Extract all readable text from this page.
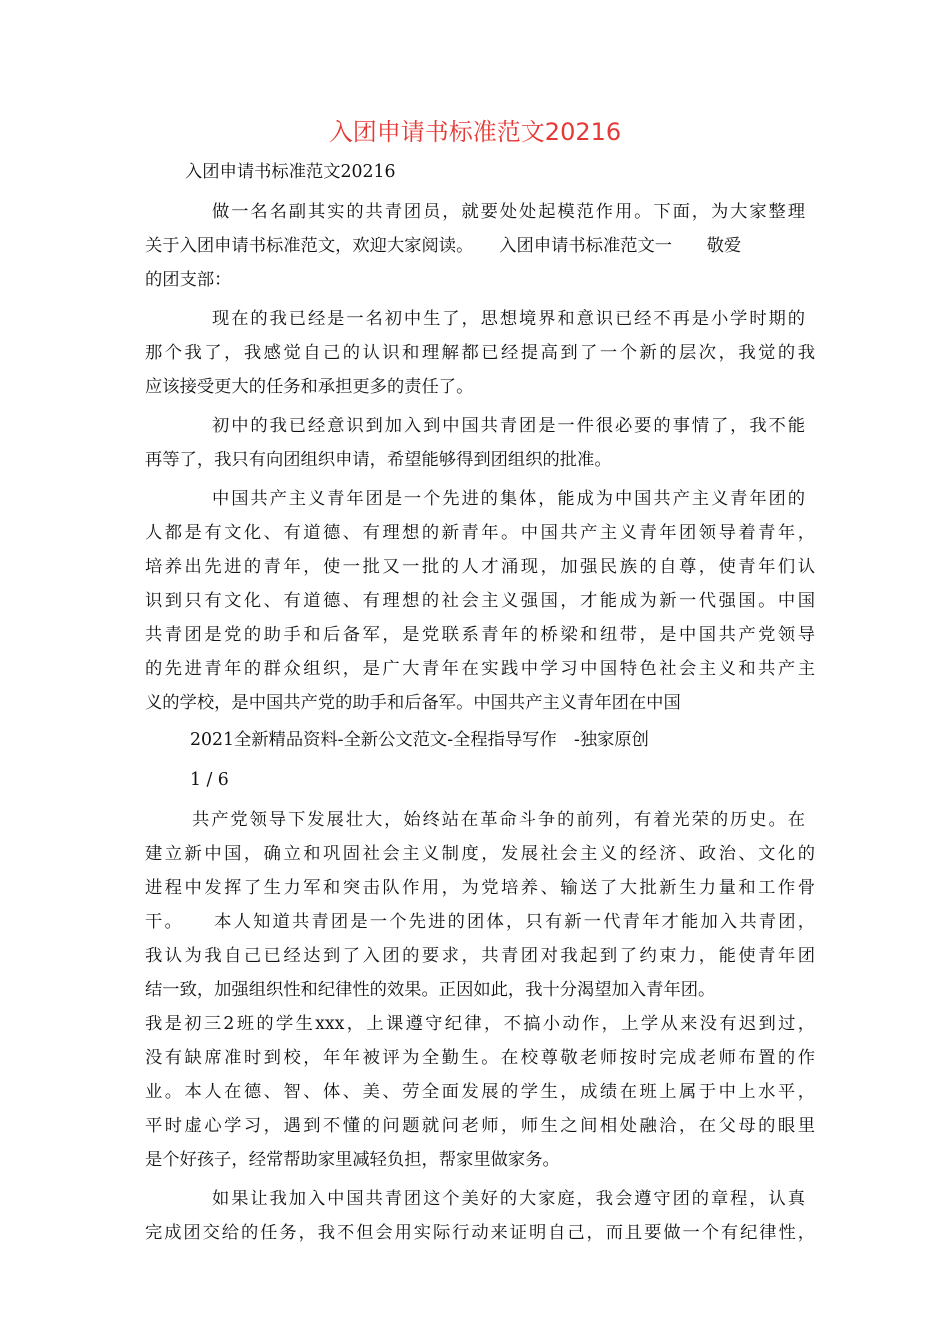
入团申请书标准范文20216

入团申请书标准范文20216

做一名名副其实的共青团员，就要处处起模范作用。下面，为大家整理

关于入团申请书标准范文，欢迎大家阅读。　　入团申请书标准范文一　　敬爱

的团支部：

现在的我已经是一名初中生了，思想境界和意识已经不再是小学时期的

那个我了，我感觉自己的认识和理解都已经提高到了一个新的层次，我觉的我

应该接受更大的任务和承担更多的责任了。

初中的我已经意识到加入到中国共青团是一件很必要的事情了，我不能

再等了，我只有向团组织申请，希望能够得到团组织的批准。

中国共产主义青年团是一个先进的集体，能成为中国共产主义青年团的

人都是有文化、有道德、有理想的新青年。中国共产主义青年团领导着青年，

培养出先进的青年，使一批又一批的人才涌现，加强民族的自尊，使青年们认

识到只有文化、有道德、有理想的社会主义强国，才能成为新一代强国。中国

共青团是党的助手和后备军，是党联系青年的桥梁和纽带，是中国共产党领导

的先进青年的群众组织，是广大青年在实践中学习中国特色社会主义和共产主

义的学校，是中国共产党的助手和后备军。中国共产主义青年团在中国

2021全新精品资料-全新公文范文-全程指导写作　-独家原创

1 / 6

共产党领导下发展壮大，始终站在革命斗争的前列，有着光荣的历史。在

建立新中国，确立和巩固社会主义制度，发展社会主义的经济、政治、文化的

进程中发挥了生力军和突击队作用，为党培养、输送了大批新生力量和工作骨

干。　　本人知道共青团是一个先进的团体，只有新一代青年才能加入共青团，

我认为我自己已经达到了入团的要求，共青团对我起到了约束力，能使青年团

结一致，加强组织性和纪律性的效果。正因如此，我十分渴望加入青年团。

我是初三2班的学生xxx，上课遵守纪律，不搞小动作，上学从来没有迟到过，

没有缺席准时到校，年年被评为全勤生。在校尊敬老师按时完成老师布置的作

业。本人在德、智、体、美、劳全面发展的学生，成绩在班上属于中上水平，

平时虚心学习，遇到不懂的问题就问老师，师生之间相处融洽，在父母的眼里

是个好孩子，经常帮助家里减轻负担，帮家里做家务。

如果让我加入中国共青团这个美好的大家庭，我会遵守团的章程，认真

完成团交给的任务，我不但会用实际行动来证明自己，而且要做一个有纪律性，
